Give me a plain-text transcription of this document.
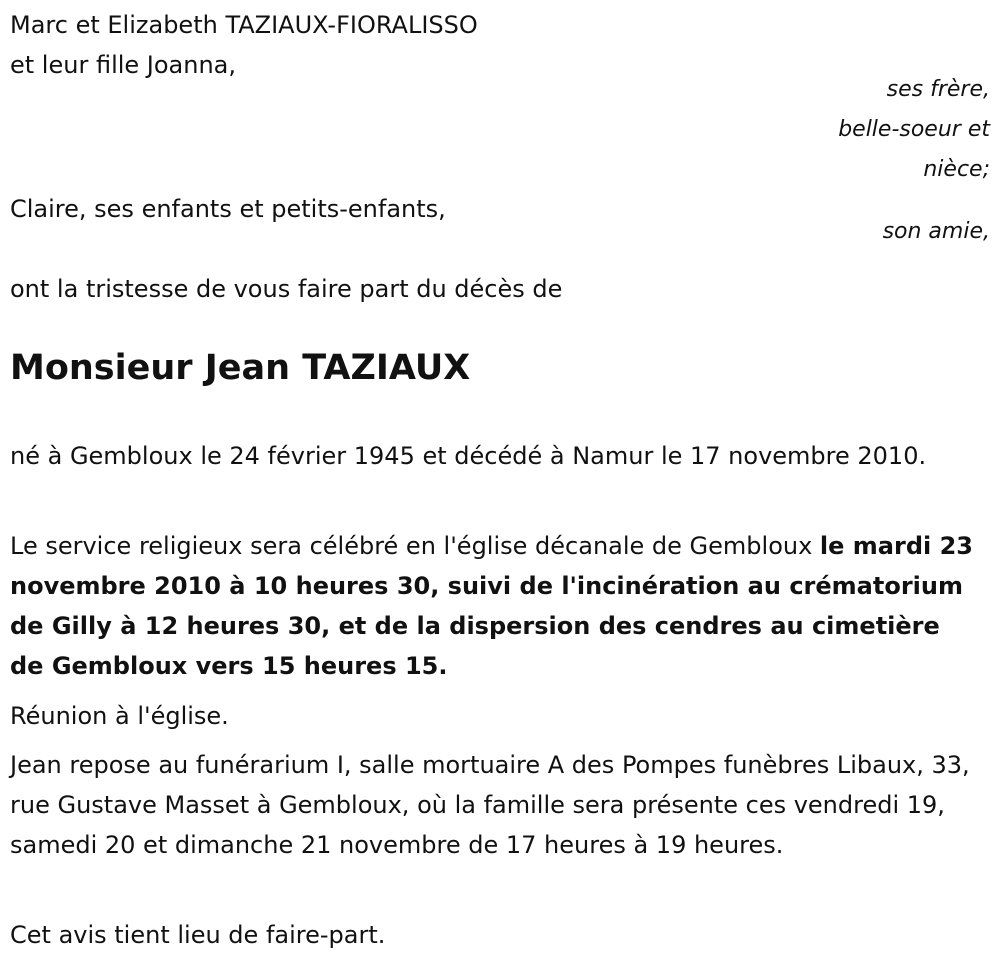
Marc et Elizabeth TAZIAUX-FIORALISSO
et leur fille Joanna,
ses frère,
belle-soeur et
nièce;
Claire, ses enfants et petits-enfants,
son amie,
ont la tristesse de vous faire part du décès de
Monsieur Jean TAZIAUX
né à Gembloux le 24 février 1945 et décédé à Namur le 17 novembre 2010.
Le service religieux sera célébré en l'église décanale de Gembloux le mardi 23 novembre 2010 à 10 heures 30, suivi de l'incinération au crématorium de Gilly à 12 heures 30, et de la dispersion des cendres au cimetière de Gembloux vers 15 heures 15.
Réunion à l'église.
Jean repose au funérarium I, salle mortuaire A des Pompes funèbres Libaux, 33, rue Gustave Masset à Gembloux, où la famille sera présente ces vendredi 19, samedi 20 et dimanche 21 novembre de 17 heures à 19 heures.
Cet avis tient lieu de faire-part.
